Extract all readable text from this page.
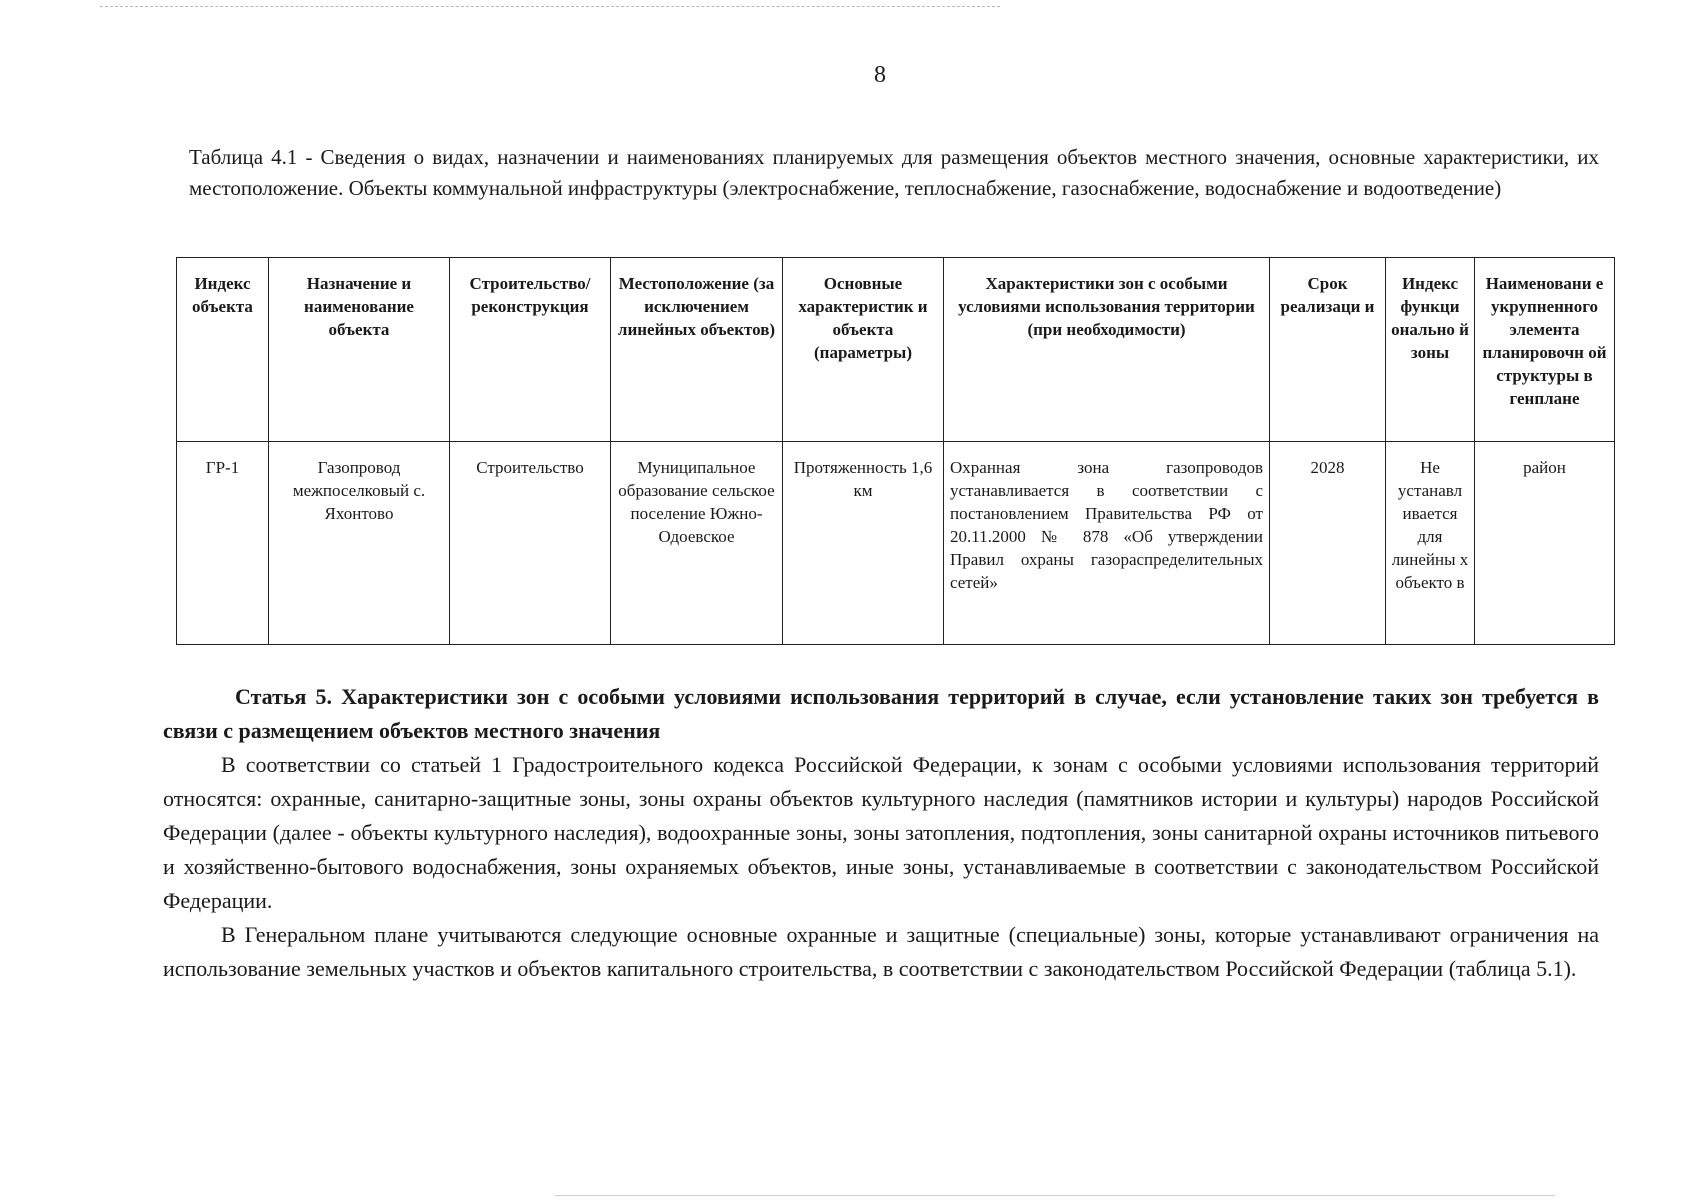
8
Таблица 4.1 - Сведения о видах, назначении и наименованиях планируемых для размещения объектов местного значения, основные характеристики, их местоположение. Объекты коммунальной инфраструктуры (электроснабжение, теплоснабжение, газоснабжение, водоснабжение и водоотведение)
Индекс объекта	Назначение и наименование объекта	Строительство/ реконструкция	Местоположение (за исключением линейных объектов)	Основные характеристик и объекта (параметры)	Характеристики зон с особыми условиями использования территории (при необходимости)	Срок реализаци и	Индекс функци онально й зоны	Наименовани е укрупненного элемента планировочн ой структуры в генплане
ГР-1	Газопровод межпоселковый с. Яхонтово	Строительство	Муниципальное образование сельское поселение Южно-Одоевское	Протяженность 1,6 км	Охранная зона газопроводов устанавливается в соответствии с постановлением Правительства РФ от 20.11.2000 № 878 «Об утверждении Правил охраны газораспределительных сетей»	2028	Не устанавл ивается для линейны х объекто в	район
Статья 5. Характеристики зон с особыми условиями использования территорий в случае, если установление таких зон требуется в связи с размещением объектов местного значения
В соответствии со статьей 1 Градостроительного кодекса Российской Федерации, к зонам с особыми условиями использования территорий относятся: охранные, санитарно-защитные зоны, зоны охраны объектов культурного наследия (памятников истории и культуры) народов Российской Федерации (далее - объекты культурного наследия), водоохранные зоны, зоны затопления, подтопления, зоны санитарной охраны источников питьевого и хозяйственно-бытового водоснабжения, зоны охраняемых объектов, иные зоны, устанавливаемые в соответствии с законодательством Российской Федерации.
В Генеральном плане учитываются следующие основные охранные и защитные (специальные) зоны, которые устанавливают ограничения на использование земельных участков и объектов капитального строительства, в соответствии с законодательством Российской Федерации (таблица 5.1).
